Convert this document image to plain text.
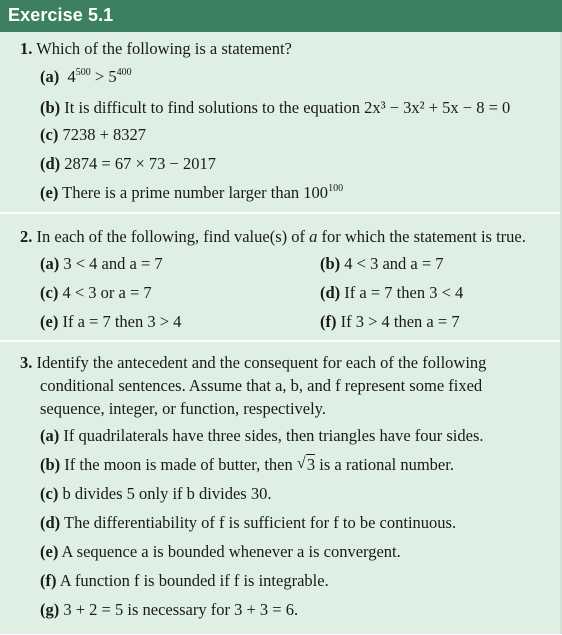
Exercise 5.1
1. Which of the following is a statement?
(a) $4^{500} > 5^{400}$
(b) It is difficult to find solutions to the equation 2x³ − 3x² + 5x − 8 = 0
(c) 7238 + 8327
(d) 2874 = 67 × 73 − 2017
(e) There is a prime number larger than $100^{100}$
2. In each of the following, find value(s) of a for which the statement is true.
(a) 3 < 4 and a = 7	(b) 4 < 3 and a = 7
(c) 4 < 3 or a = 7	(d) If a = 7 then 3 < 4
(e) If a = 7 then 3 > 4	(f) If 3 > 4 then a = 7
3. Identify the antecedent and the consequent for each of the following
conditional sentences. Assume that a, b, and f represent some fixed
sequence, integer, or function, respectively.
(a) If quadrilaterals have three sides, then triangles have four sides.
(b) If the moon is made of butter, then √ 3 is a rational number.
(c) b divides 5 only if b divides 30.
(d) The differentiability of f is sufficient for f to be continuous.
(e) A sequence a is bounded whenever a is convergent.
(f) A function f is bounded if f is integrable.
(g) 3 + 2 = 5 is necessary for 3 + 3 = 6.
